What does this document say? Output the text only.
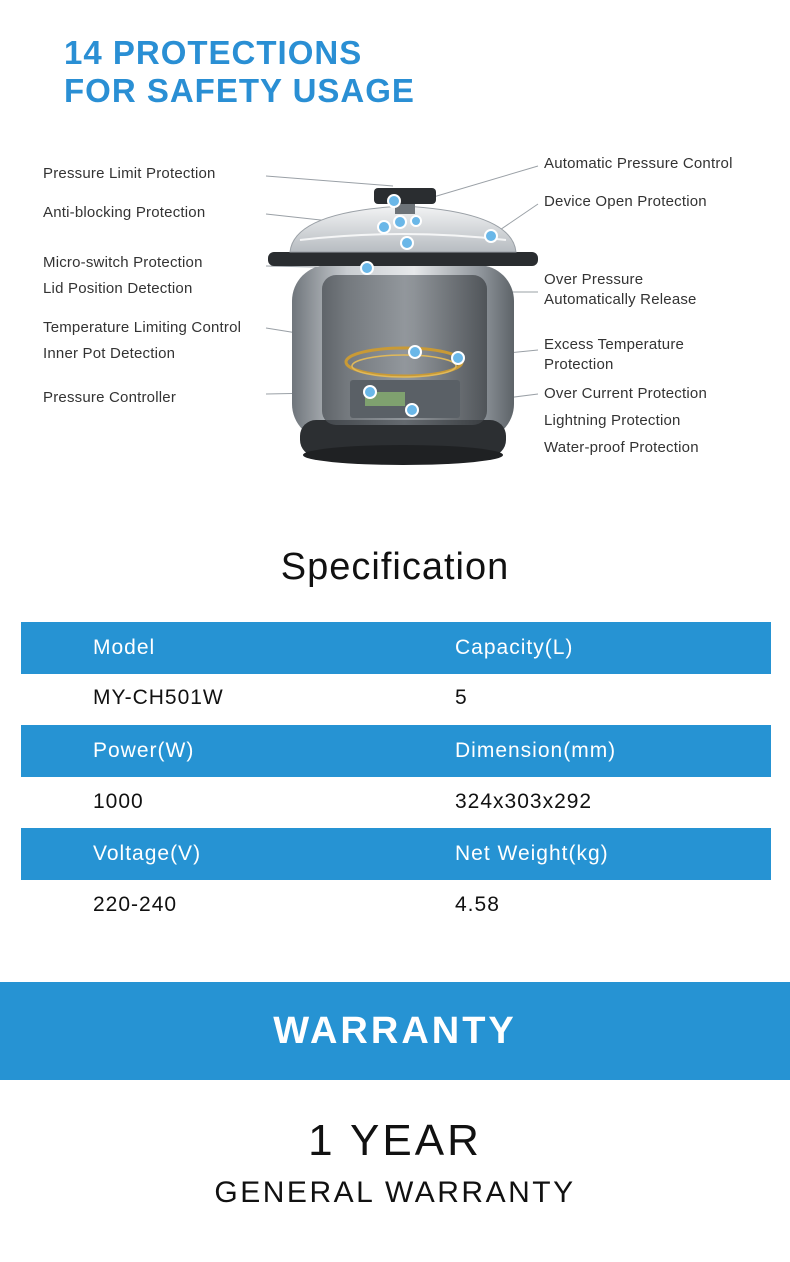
14 PROTECTIONS
FOR SAFETY USAGE
Pressure Limit Protection
Anti-blocking Protection
Micro-switch Protection
Lid Position Detection
Temperature Limiting Control
Inner Pot Detection
Pressure Controller
Automatic Pressure Control
Device Open Protection
Over Pressure
Automatically Release
Excess Temperature
Protection
Over Current Protection
Lightning Protection
Water-proof Protection
Specification
Model	Capacity(L)
MY-CH501W	5
Power(W)	Dimension(mm)
1000	324x303x292
Voltage(V)	Net Weight(kg)
220-240	4.58
WARRANTY
1 YEAR
GENERAL WARRANTY
